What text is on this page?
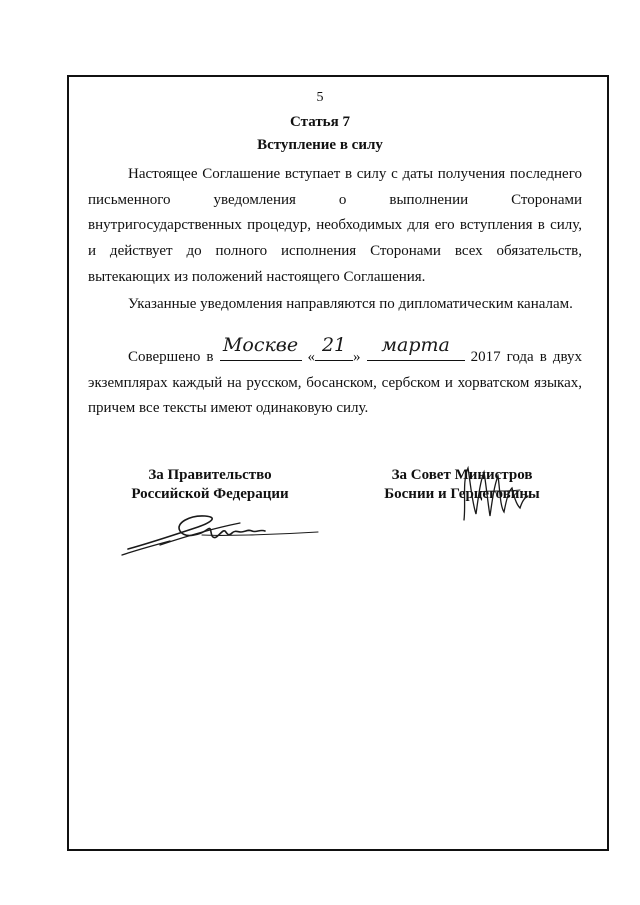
5
Статья 7
Вступление в силу

Настоящее Соглашение вступает в силу с даты получения последнего письменного уведомления о выполнении Сторонами внутригосударственных процедур, необходимых для его вступления в силу, и действует до полного исполнения Сторонами всех обязательств, вытекающих из положений настоящего Соглашения.

Указанные уведомления направляются по дипломатическим каналам.

Совершено в
Москве
«
21
»
марта
2017 года в двух экземплярах каждый на русском, босанском, сербском и хорватском языках, причем все тексты имеют одинаковую силу.

За Правительство
Российской Федерации
За Совет Министров
Боснии и Герцеговины
